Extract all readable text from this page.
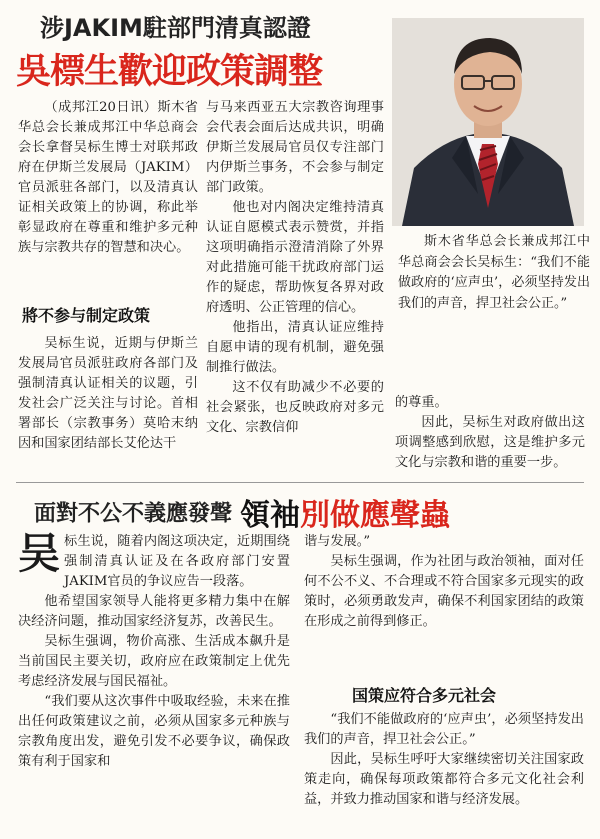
涉JAKIM駐部門清真認證
吳標生歡迎政策調整

（成邦江20日讯）斯木省华总会长兼成邦江中华总商会会长拿督吴标生博士对联邦政府在伊斯兰发展局（JAKIM）官员派驻各部门，以及清真认证相关政策上的协调，称此举彰显政府在尊重和维护多元种族与宗教共存的智慧和决心。

將不参与制定政策

吴标生说，近期与伊斯兰发展局官员派驻政府各部门及强制清真认证相关的议题，引发社会广泛关注与讨论。首相署部长（宗教事务）莫哈末纳因和国家团结部长艾伦达干

与马来西亚五大宗教咨询理事会代表会面后达成共识，明确伊斯兰发展局官员仅专注部门内伊斯兰事务，不会参与制定部门政策。

他也对内阁决定维持清真认证自愿模式表示赞赏，并指这项明确指示澄清消除了外界对此措施可能干扰政府部门运作的疑虑，帮助恢复各界对政府透明、公正管理的信心。

他指出，清真认证应维持自愿申请的现有机制，避免强制推行做法。

这不仅有助减少不必要的社会紧张，也反映政府对多元文化、宗教信仰

斯木省华总会长兼成邦江中华总商会会长吴标生：“我们不能做政府的‘应声虫’，必须坚持发出我们的声音，捍卫社会公正。”

的尊重。

因此，吴标生对政府做出这项调整感到欣慰，这是维护多元文化与宗教和谐的重要一步。

面對不公不義應發聲 領袖別做應聲蟲
吴标生说，随着内阁这项决定，近期围绕强制清真认证及在各政府部门安置JAKIM官员的争议应告一段落。

他希望国家领导人能将更多精力集中在解决经济问题，推动国家经济复苏，改善民生。

吴标生强调，物价高涨、生活成本飙升是当前国民主要关切，政府应在政策制定上优先考虑经济发展与国民福祉。

“我们要从这次事件中吸取经验，未来在推出任何政策建议之前，必须从国家多元种族与宗教角度出发，避免引发不必要争议，确保政策有利于国家和

谐与发展。”

吴标生强调，作为社团与政治领袖，面对任何不公不义、不合理或不符合国家多元现实的政策时，必须勇敢发声，确保不利国家团结的政策在形成之前得到修正。

国策应符合多元社会

“我们不能做政府的‘应声虫’，必须坚持发出我们的声音，捍卫社会公正。”

因此，吴标生呼吁大家继续密切关注国家政策走向，确保每项政策都符合多元文化社会利益，并致力推动国家和谐与经济发展。
